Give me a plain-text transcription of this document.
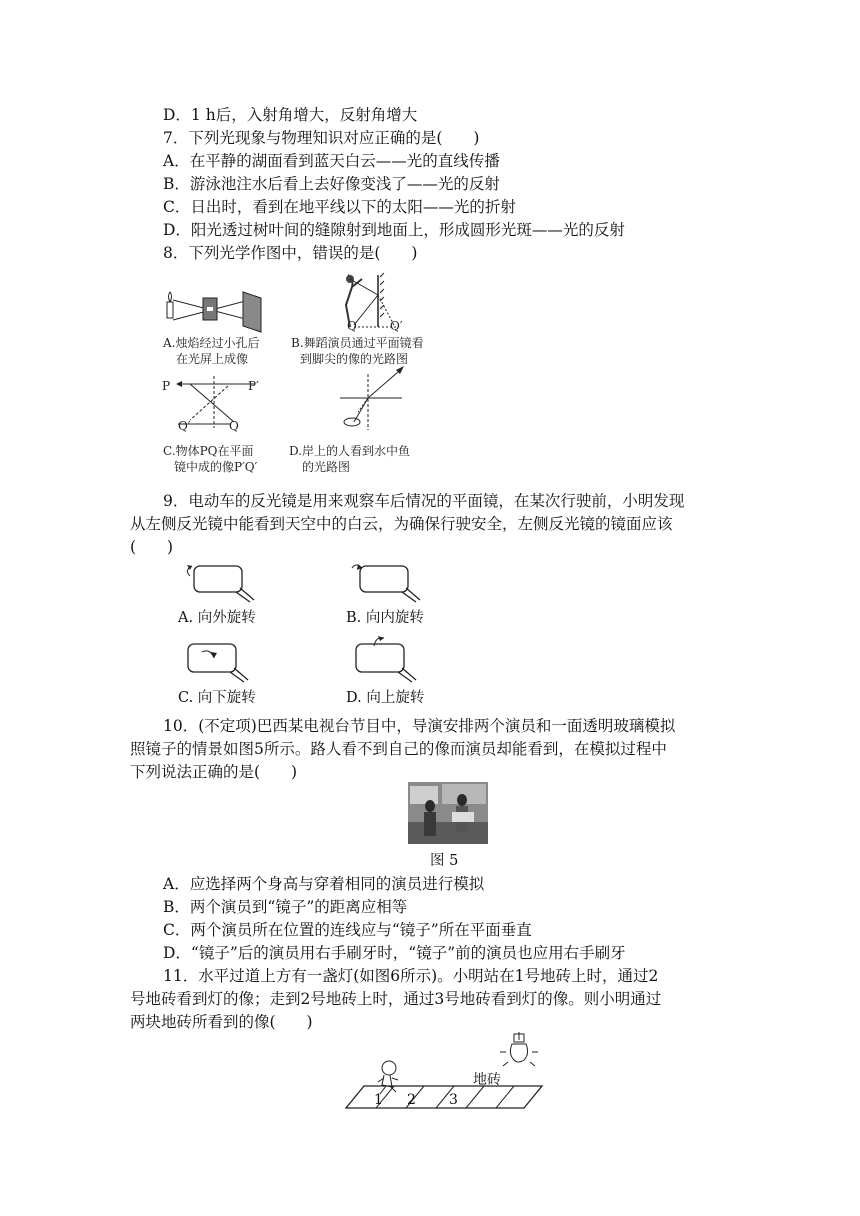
D．1 h后，入射角增大，反射角增大
7．下列光现象与物理知识对应正确的是(　　)
A．在平静的湖面看到蓝天白云——光的直线传播
B．游泳池注水后看上去好像变浅了——光的反射
C．日出时，看到在地平线以下的太阳——光的折射
D．阳光透过树叶间的缝隙射到地面上，形成圆形光斑——光的反射
8．下列光学作图中，错误的是(　　)
A.烛焰经过小孔后
在光屏上成像
Q	Q′
B.舞蹈演员通过平面镜看
到脚尖的像的光路图
P	P′
Q′	Q
C.物体PQ在平面
镜中成的像P′Q′
D.岸上的人看到水中鱼
的光路图
9．电动车的反光镜是用来观察车后情况的平面镜，在某次行驶前，小明发现
从左侧反光镜中能看到天空中的白云，为确保行驶安全，左侧反光镜的镜面应该
(　　)
A. 向外旋转	B. 向内旋转
C. 向下旋转	D. 向上旋转
10．(不定项)巴西某电视台节目中，导演安排两个演员和一面透明玻璃模拟
照镜子的情景如图5所示。路人看不到自己的像而演员却能看到，在模拟过程中
下列说法正确的是(　　)
图 5
A．应选择两个身高与穿着相同的演员进行模拟
B．两个演员到“镜子”的距离应相等
C．两个演员所在位置的连线应与“镜子”所在平面垂直
D．“镜子”后的演员用右手刷牙时，“镜子”前的演员也应用右手刷牙
11．水平过道上方有一盏灯(如图6所示)。小明站在1号地砖上时，通过2
号地砖看到灯的像；走到2号地砖上时，通过3号地砖看到灯的像。则小明通过
两块地砖所看到的像(　　)
地砖
1 2 3
